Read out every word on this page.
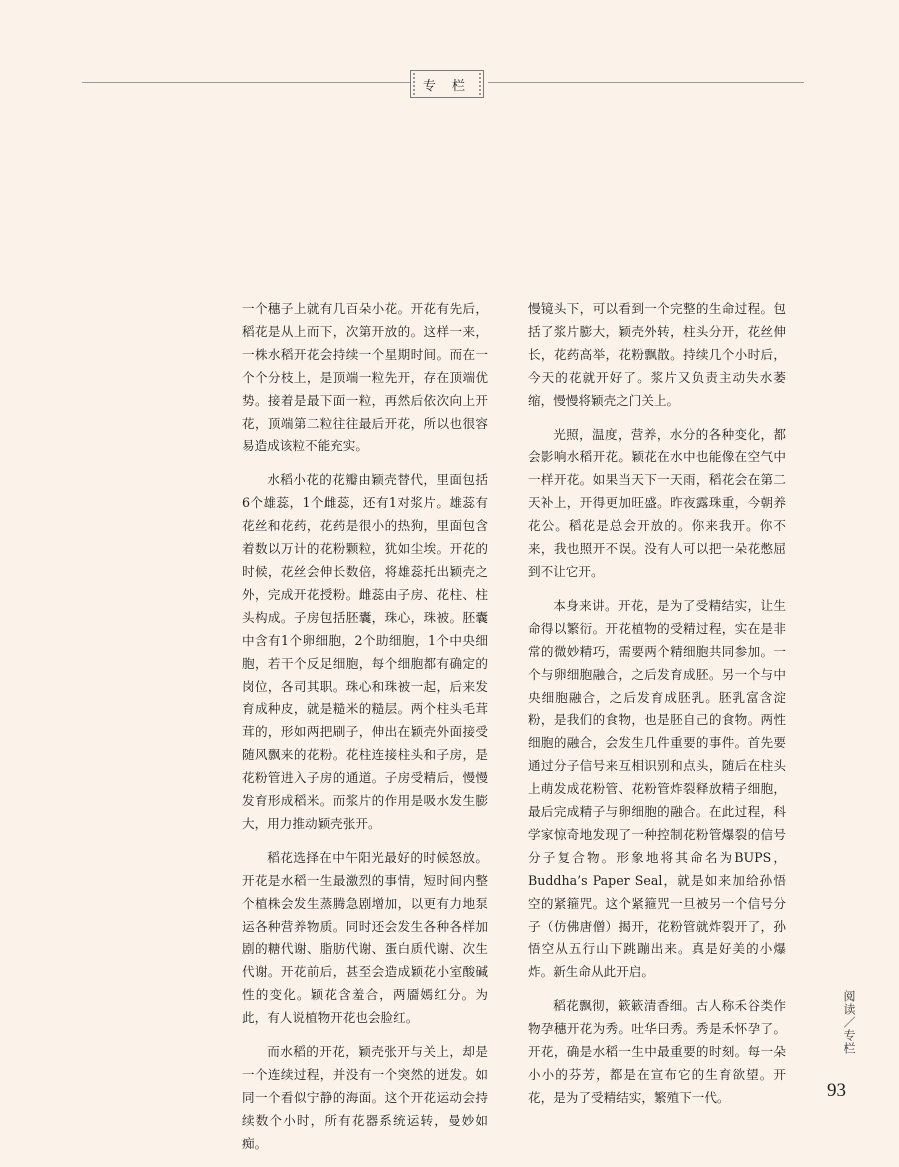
专 栏

一个穗子上就有几百朵小花。开花有先后，稻花是从上而下，次第开放的。这样一来，一株水稻开花会持续一个星期时间。而在一个个分枝上，是顶端一粒先开，存在顶端优势。接着是最下面一粒，再然后依次向上开花，顶端第二粒往往最后开花，所以也很容易造成该粒不能充实。

水稻小花的花瓣由颖壳替代，里面包括6个雄蕊，1个雌蕊，还有1对浆片。雄蕊有花丝和花药，花药是很小的热狗，里面包含着数以万计的花粉颗粒，犹如尘埃。开花的时候，花丝会伸长数倍，将雄蕊托出颖壳之外，完成开花授粉。雌蕊由子房、花柱、柱头构成。子房包括胚囊，珠心，珠被。胚囊中含有1个卵细胞，2个助细胞，1个中央细胞，若干个反足细胞，每个细胞都有确定的岗位，各司其职。珠心和珠被一起，后来发育成种皮，就是糙米的糙层。两个柱头毛茸茸的，形如两把刷子，伸出在颖壳外面接受随风飘来的花粉。花柱连接柱头和子房，是花粉管进入子房的通道。子房受精后，慢慢发育形成稻米。而浆片的作用是吸水发生膨大，用力推动颖壳张开。

稻花选择在中午阳光最好的时候怒放。开花是水稻一生最激烈的事情，短时间内整个植株会发生蒸腾急剧增加，以更有力地泵运各种营养物质。同时还会发生各种各样加剧的糖代谢、脂肪代谢、蛋白质代谢、次生代谢。开花前后，甚至会造成颖花小室酸碱性的变化。颖花含羞合，两靥嫣红分。为此，有人说植物开花也会脸红。

而水稻的开花，颖壳张开与关上，却是一个连续过程，并没有一个突然的迸发。如同一个看似宁静的海面。这个开花运动会持续数个小时，所有花器系统运转，曼妙如痴。

慢镜头下，可以看到一个完整的生命过程。包括了浆片膨大，颖壳外转，柱头分开，花丝伸长，花药高举，花粉飘散。持续几个小时后，今天的花就开好了。浆片又负责主动失水萎缩，慢慢将颖壳之门关上。

光照，温度，营养，水分的各种变化，都会影响水稻开花。颖花在水中也能像在空气中一样开花。如果当天下一天雨，稻花会在第二天补上，开得更加旺盛。昨夜露珠重，今朝养花公。稻花是总会开放的。你来我开。你不来，我也照开不误。没有人可以把一朵花憋屈到不让它开。

本身来讲。开花，是为了受精结实，让生命得以繁衍。开花植物的受精过程，实在是非常的微妙精巧，需要两个精细胞共同参加。一个与卵细胞融合，之后发育成胚。另一个与中央细胞融合，之后发育成胚乳。胚乳富含淀粉，是我们的食物，也是胚自己的食物。两性细胞的融合，会发生几件重要的事件。首先要通过分子信号来互相识别和点头，随后在柱头上萌发成花粉管、花粉管炸裂释放精子细胞，最后完成精子与卵细胞的融合。在此过程，科学家惊奇地发现了一种控制花粉管爆裂的信号分子复合物。形象地将其命名为BUPS，Buddha’s Paper Seal，就是如来加给孙悟空的紧箍咒。这个紧箍咒一旦被另一个信号分子（仿佛唐僧）揭开，花粉管就炸裂开了，孙悟空从五行山下跳蹦出来。真是好美的小爆炸。新生命从此开启。

稻花飘彻，簌簌清香细。古人称禾谷类作物孕穗开花为秀。吐华曰秀。秀是禾怀孕了。开花，确是水稻一生中最重要的时刻。每一朵小小的芬芳，都是在宣布它的生育欲望。开花，是为了受精结实，繁殖下一代。

阅读／专栏
93
